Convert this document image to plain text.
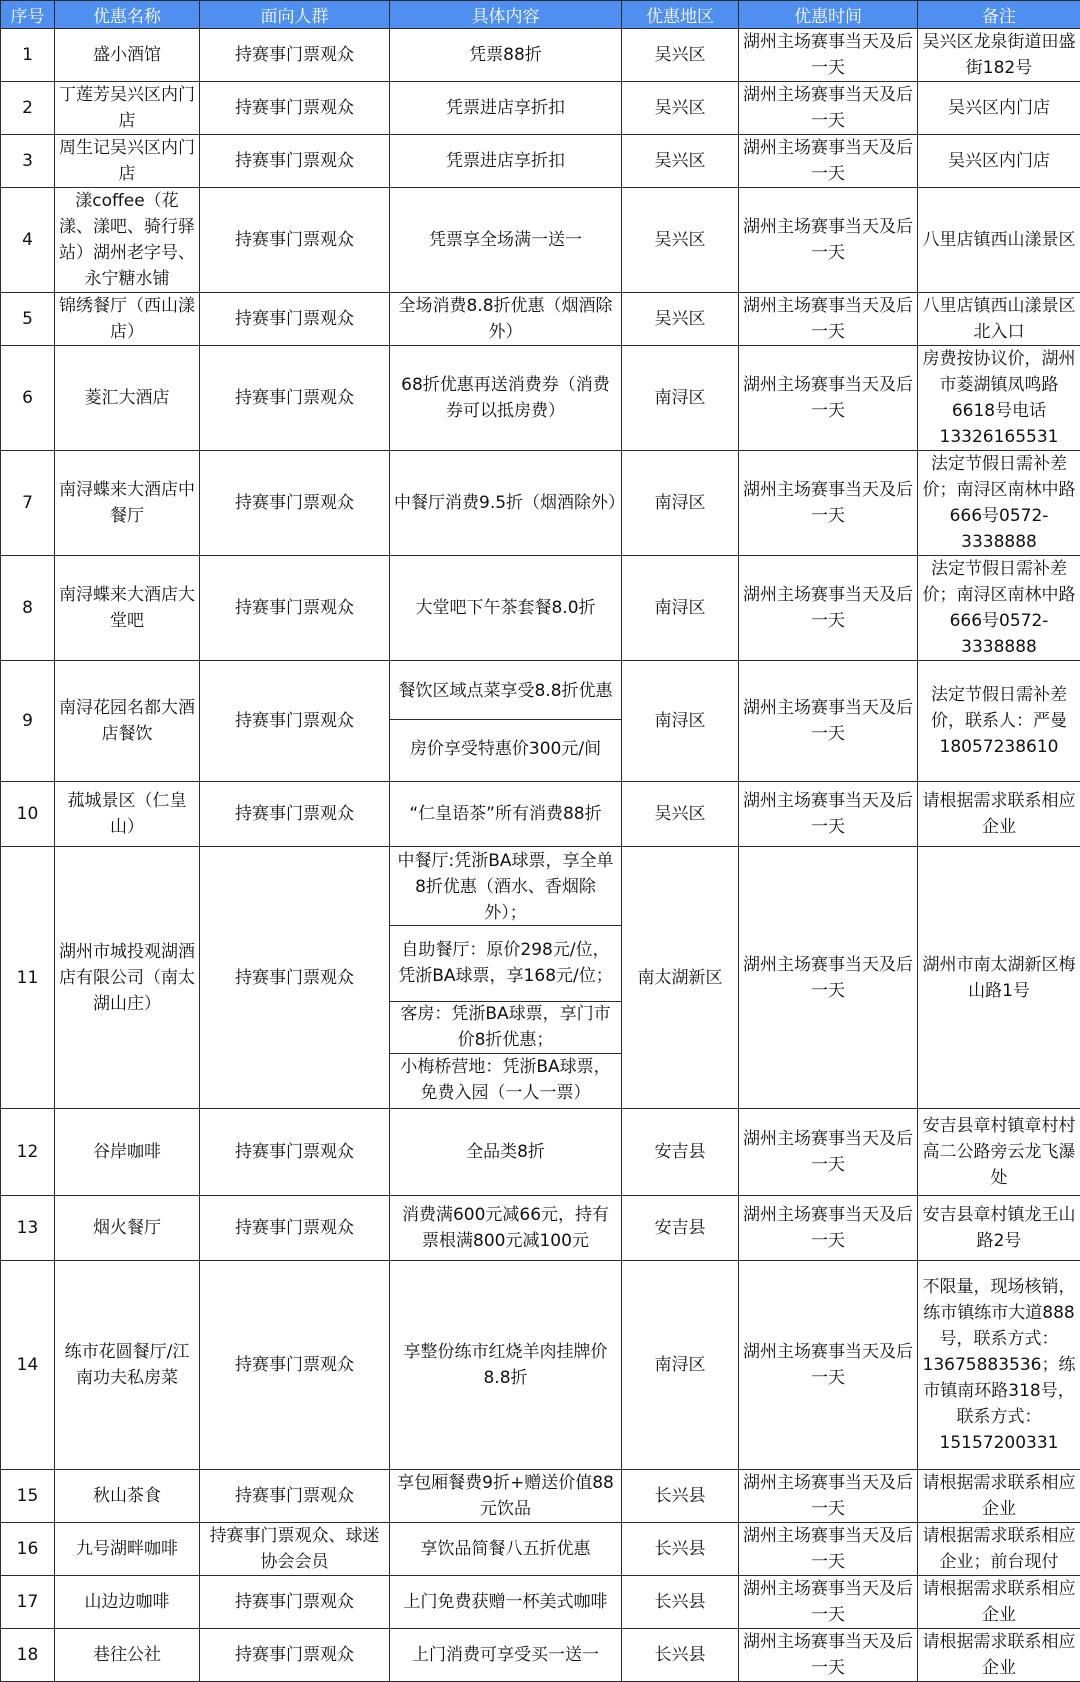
序号	优惠名称	面向人群	具体内容	优惠地区	优惠时间	备注
1	盛小酒馆	持赛事门票观众	凭票88折	吴兴区	湖州主场赛事当天及后一天	吴兴区龙泉街道田盛街182号
2	丁莲芳吴兴区内门店	持赛事门票观众	凭票进店享折扣	吴兴区	湖州主场赛事当天及后一天	吴兴区内门店
3	周生记吴兴区内门店	持赛事门票观众	凭票进店享折扣	吴兴区	湖州主场赛事当天及后一天	吴兴区内门店
4	漾coffee（花漾、漾吧、骑行驿站）湖州老字号、永宁糖水铺	持赛事门票观众	凭票享全场满一送一	吴兴区	湖州主场赛事当天及后一天	八里店镇西山漾景区
5	锦绣餐厅（西山漾店）	持赛事门票观众	全场消费8.8折优惠（烟酒除外）	吴兴区	湖州主场赛事当天及后一天	八里店镇西山漾景区北入口
6	菱汇大酒店	持赛事门票观众	68折优惠再送消费券（消费券可以抵房费）	南浔区	湖州主场赛事当天及后一天	房费按协议价，湖州市菱湖镇凤鸣路6618号电话13326165531
7	南浔蝶来大酒店中餐厅	持赛事门票观众	中餐厅消费9.5折（烟酒除外）	南浔区	湖州主场赛事当天及后一天	法定节假日需补差价；南浔区南林中路666号0572-3338888
8	南浔蝶来大酒店大堂吧	持赛事门票观众	大堂吧下午茶套餐8.0折	南浔区	湖州主场赛事当天及后一天	法定节假日需补差价；南浔区南林中路666号0572-3338888
9	南浔花园名都大酒店餐饮	持赛事门票观众	餐饮区域点菜享受8.8折优惠
房价享受特惠价300元/间	南浔区	湖州主场赛事当天及后一天	法定节假日需补差价，联系人：严曼18057238610
10	菰城景区（仁皇山）	持赛事门票观众	“仁皇语茶”所有消费88折	吴兴区	湖州主场赛事当天及后一天	请根据需求联系相应企业
11	湖州市城投观湖酒店有限公司（南太湖山庄）	持赛事门票观众	中餐厅:凭浙BA球票，享全单8折优惠（酒水、香烟除外）；
自助餐厅：原价298元/位，凭浙BA球票，享168元/位；
客房：凭浙BA球票，享门市价8折优惠；
小梅桥营地：凭浙BA球票，免费入园（一人一票）	南太湖新区	湖州主场赛事当天及后一天	湖州市南太湖新区梅山路1号
12	谷岸咖啡	持赛事门票观众	全品类8折	安吉县	湖州主场赛事当天及后一天	安吉县章村镇章村村高二公路旁云龙飞瀑处
13	烟火餐厅	持赛事门票观众	消费满600元减66元，持有票根满800元减100元	安吉县	湖州主场赛事当天及后一天	安吉县章村镇龙王山路2号
14	练市花圆餐厅/江南功夫私房菜	持赛事门票观众	享整份练市红烧羊肉挂牌价8.8折	南浔区	湖州主场赛事当天及后一天	不限量，现场核销，练市镇练市大道888号，联系方式：13675883536；练市镇南环路318号，联系方式：15157200331
15	秋山茶食	持赛事门票观众	享包厢餐费9折+赠送价值88元饮品	长兴县	湖州主场赛事当天及后一天	请根据需求联系相应企业
16	九号湖畔咖啡	持赛事门票观众、球迷协会会员	享饮品简餐八五折优惠	长兴县	湖州主场赛事当天及后一天	请根据需求联系相应企业；前台现付
17	山边边咖啡	持赛事门票观众	上门免费获赠一杯美式咖啡	长兴县	湖州主场赛事当天及后一天	请根据需求联系相应企业
18	巷往公社	持赛事门票观众	上门消费可享受买一送一	长兴县	湖州主场赛事当天及后一天	请根据需求联系相应企业
